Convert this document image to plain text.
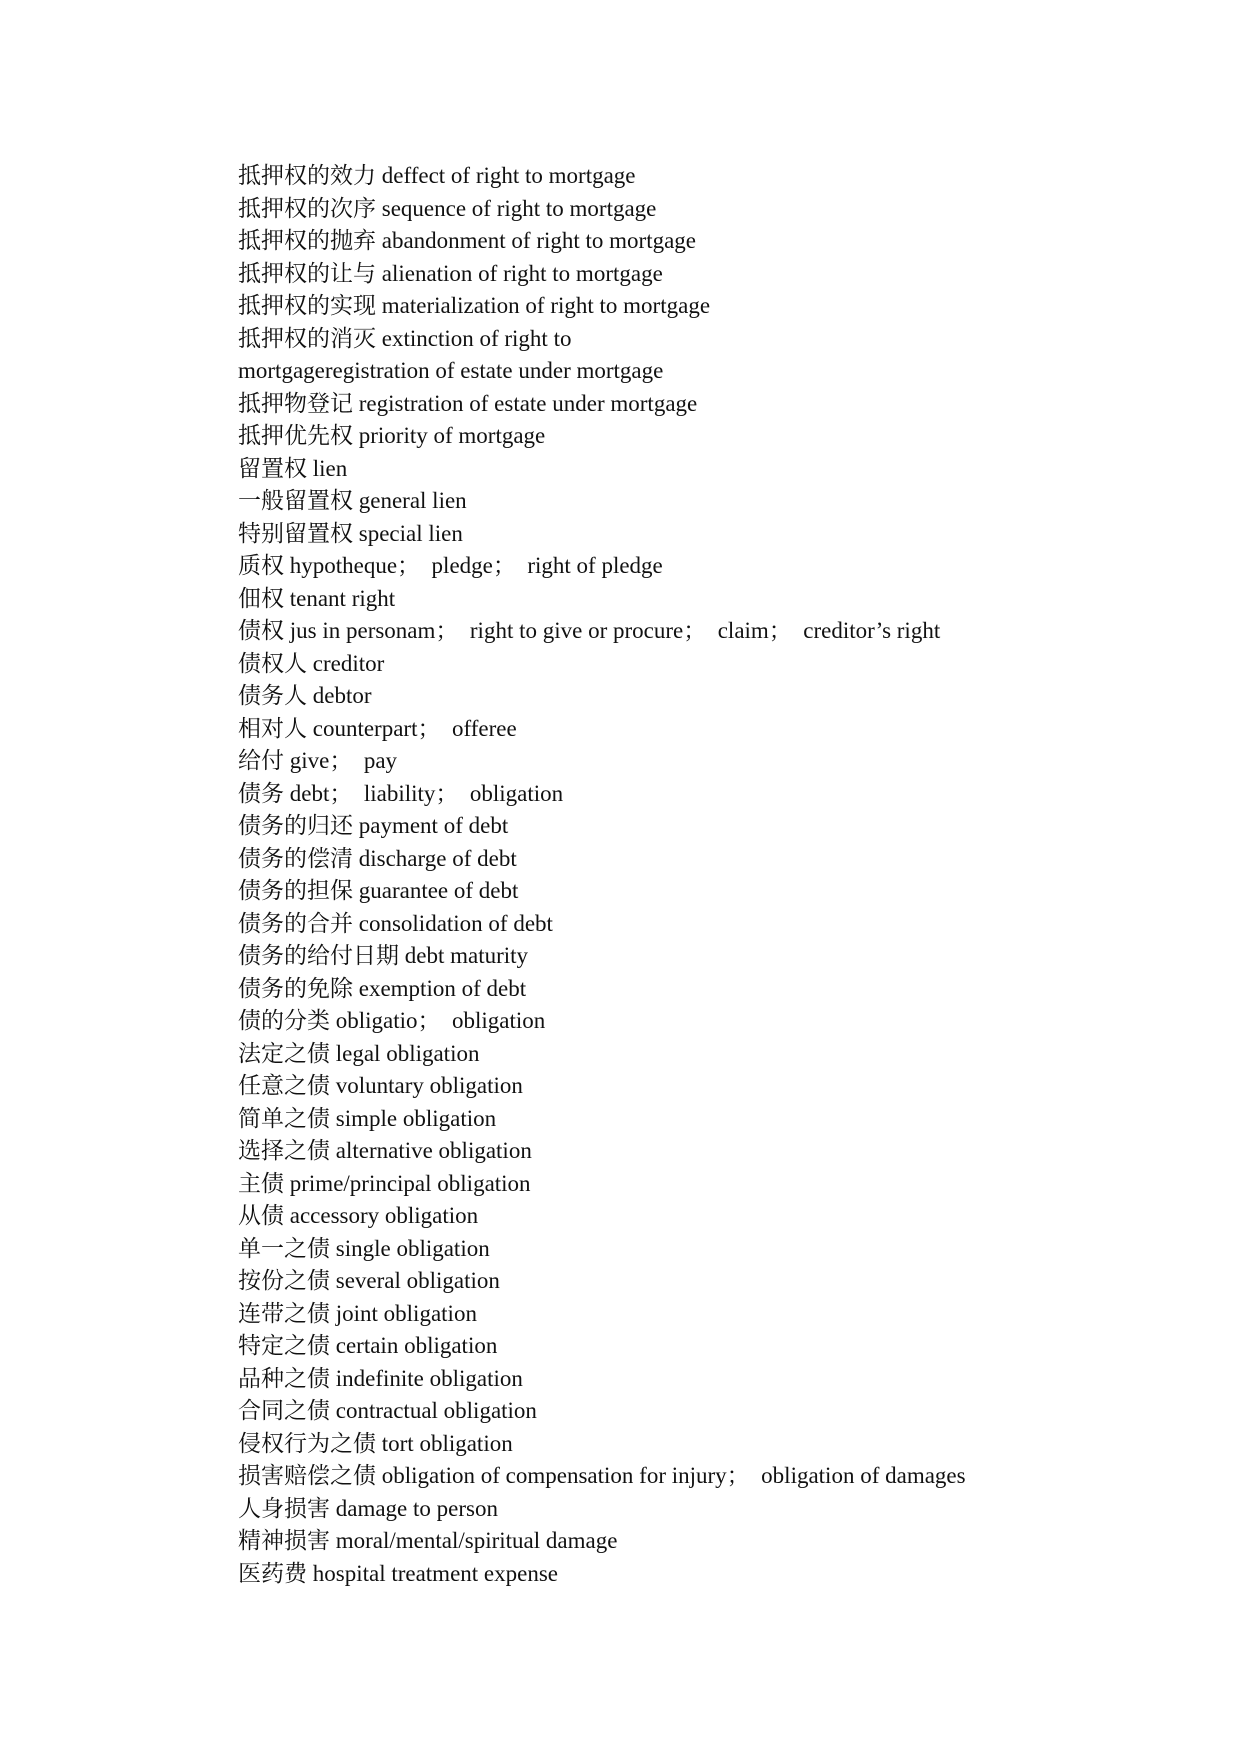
抵押权的效力 deffect of right to mortgage
抵押权的次序 sequence of right to mortgage
抵押权的抛弃 abandonment of right to mortgage
抵押权的让与 alienation of right to mortgage
抵押权的实现 materialization of right to mortgage
抵押权的消灭 extinction of right to
mortgageregistration of estate under mortgage
抵押物登记 registration of estate under mortgage
抵押优先权 priority of mortgage
留置权 lien
一般留置权 general lien
特别留置权 special lien
质权 hypotheque；  pledge；  right of pledge
佃权 tenant right
债权 jus in personam；  right to give or procure；  claim；  creditor’s right
债权人 creditor
债务人 debtor
相对人 counterpart；  offeree
给付 give；  pay
债务 debt；  liability；  obligation
债务的归还 payment of debt
债务的偿清 discharge of debt
债务的担保 guarantee of debt
债务的合并 consolidation of debt
债务的给付日期 debt maturity
债务的免除 exemption of debt
债的分类 obligatio；  obligation
法定之债 legal obligation
任意之债 voluntary obligation
简单之债 simple obligation
选择之债 alternative obligation
主债 prime/principal obligation
从债 accessory obligation
单一之债 single obligation
按份之债 several obligation
连带之债 joint obligation
特定之债 certain obligation
品种之债 indefinite obligation
合同之债 contractual obligation
侵权行为之债 tort obligation
损害赔偿之债 obligation of compensation for injury；  obligation of damages
人身损害 damage to person
精神损害 moral/mental/spiritual damage
医药费 hospital treatment expense
